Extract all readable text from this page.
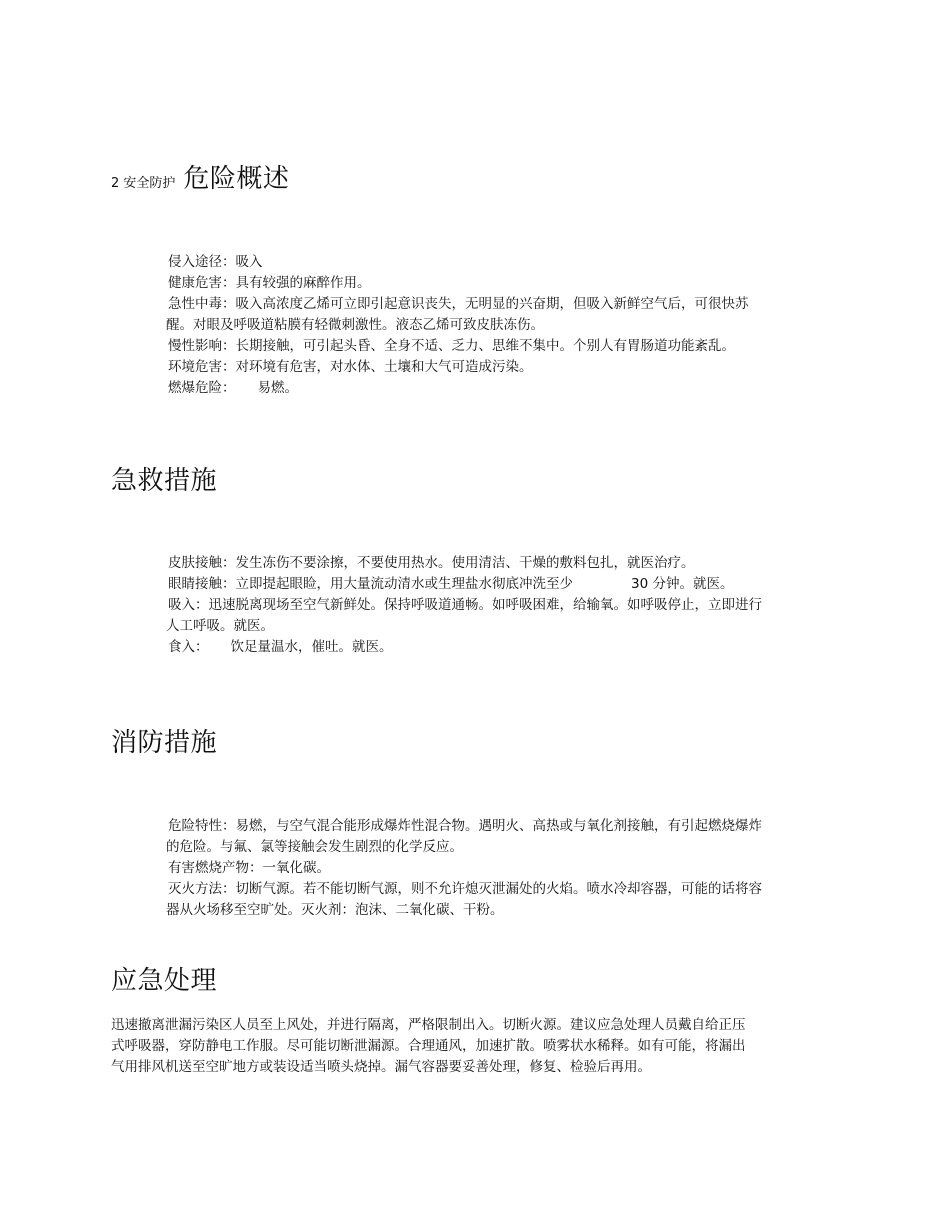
2 安全防护 危险概述

侵入途径：吸入

健康危害：具有较强的麻醉作用。

急性中毒：吸入高浓度乙烯可立即引起意识丧失，无明显的兴奋期，但吸入新鲜空气后，可很快苏醒。对眼及呼吸道粘膜有轻微刺激性。液态乙烯可致皮肤冻伤。

慢性影响：长期接触，可引起头昏、全身不适、乏力、思维不集中。个别人有胃肠道功能紊乱。

环境危害：对环境有危害，对水体、土壤和大气可造成污染。

燃爆危险： 易燃。

急救措施

皮肤接触：发生冻伤不要涂擦，不要使用热水。使用清洁、干燥的敷料包扎，就医治疗。

眼睛接触：立即提起眼睑，用大量流动清水或生理盐水彻底冲洗至少	30 分钟。就医。

吸入：迅速脱离现场至空气新鲜处。保持呼吸道通畅。如呼吸困难，给输氧。如呼吸停止，立即进行人工呼吸。就医。

食入： 饮足量温水，催吐。就医。

消防措施

危险特性：易燃，与空气混合能形成爆炸性混合物。遇明火、高热或与氧化剂接触，有引起燃烧爆炸的危险。与氟、氯等接触会发生剧烈的化学反应。

有害燃烧产物：一氧化碳。

灭火方法：切断气源。若不能切断气源，则不允许熄灭泄漏处的火焰。喷水冷却容器，可能的话将容器从火场移至空旷处。灭火剂：泡沫、二氧化碳、干粉。

应急处理

迅速撤离泄漏污染区人员至上风处，并进行隔离，严格限制出入。切断火源。建议应急处理人员戴自给正压式呼吸器，穿防静电工作服。尽可能切断泄漏源。合理通风，加速扩散。喷雾状水稀释。如有可能，将漏出气用排风机送至空旷地方或装设适当喷头烧掉。漏气容器要妥善处理，修复、检验后再用。
